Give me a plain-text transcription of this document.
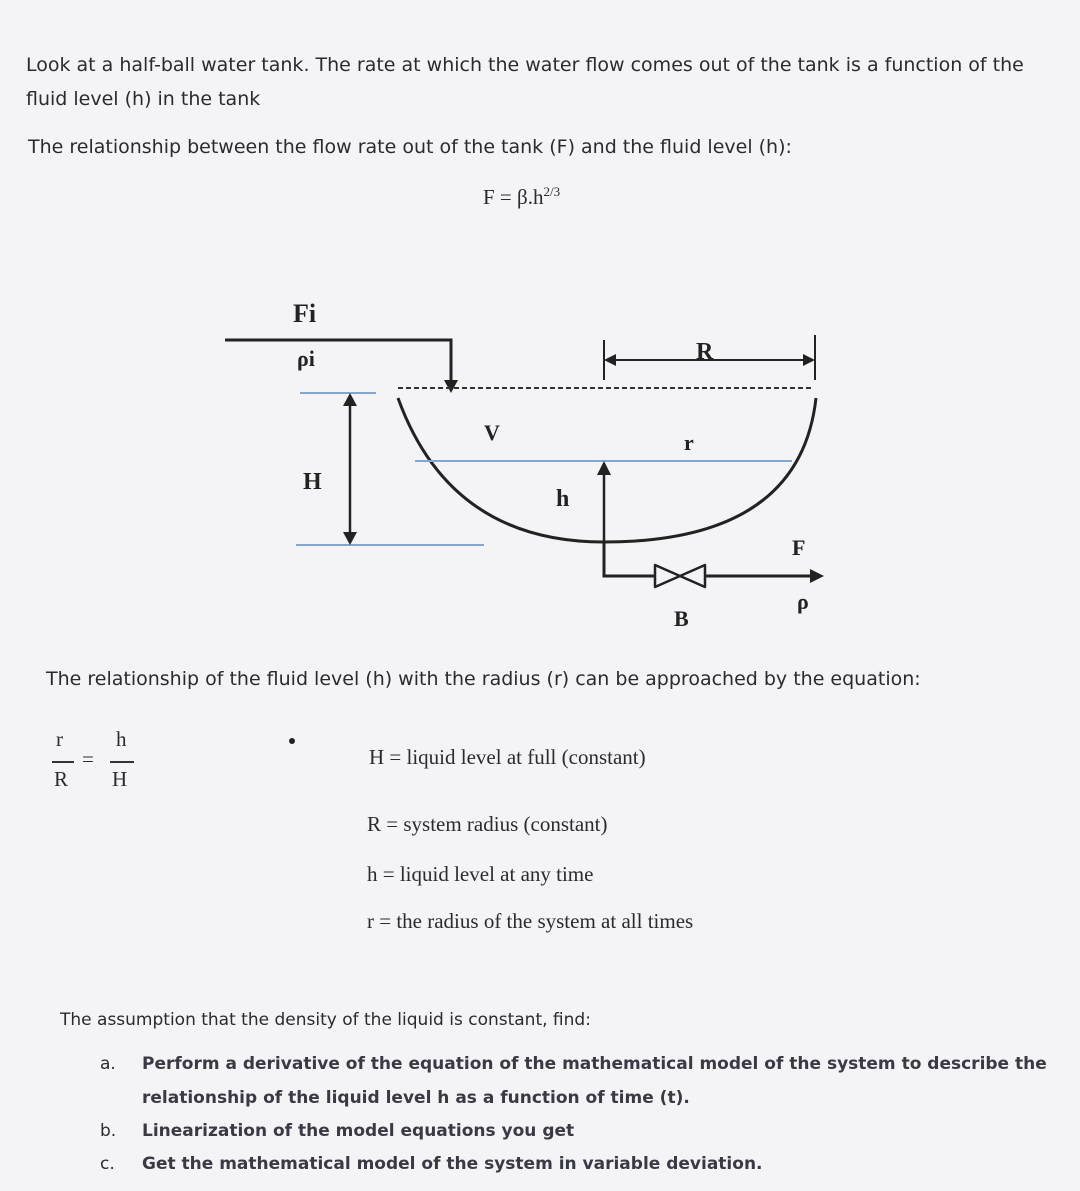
Look at a half-ball water tank. The rate at which the water flow comes out of the tank is a function of the fluid level (h) in the tank

The relationship between the flow rate out of the tank (F) and the fluid level (h):

$F = \beta.h^{2/3}$
Fi
ρi	R
V	r
H
h
F
ρ
B

The relationship of the fluid level (h) with the radius (r) can be approached by the equation:

r
R
=
h
H

H = liquid level at full (constant)

R = system radius (constant)

h = liquid level at any time

r = the radius of the system at all times

The assumption that the density of the liquid is constant, find:

a. Perform a derivative of the equation of the mathematical model of the system to describe the relationship of the liquid level h as a function of time (t).
b. Linearization of the model equations you get
c. Get the mathematical model of the system in variable deviation.
